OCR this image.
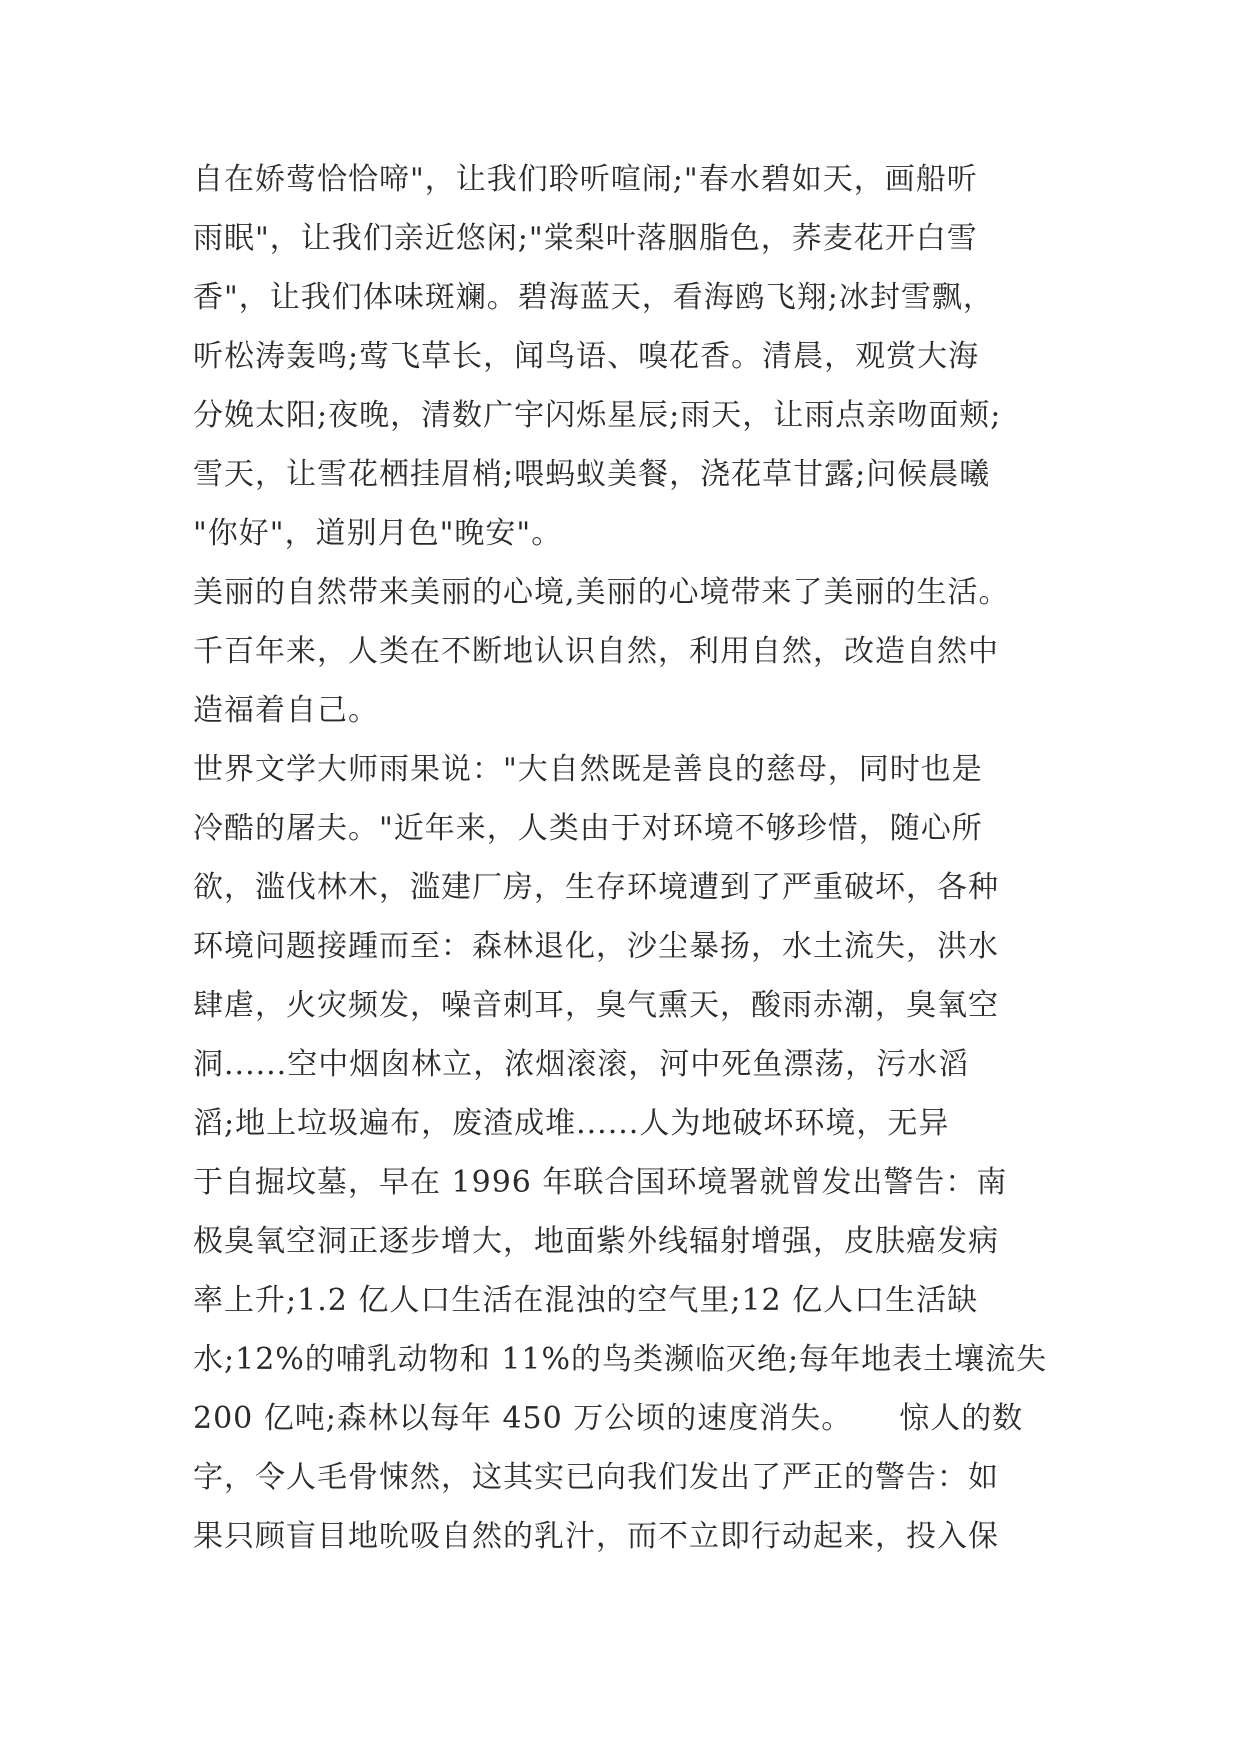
自在娇莺恰恰啼"，让我们聆听喧闹;"春水碧如天，画船听
雨眠"，让我们亲近悠闲;"棠梨叶落胭脂色，荞麦花开白雪
香"，让我们体味斑斓。碧海蓝天，看海鸥飞翔;冰封雪飘，
听松涛轰鸣;莺飞草长，闻鸟语、嗅花香。清晨，观赏大海
分娩太阳;夜晚，清数广宇闪烁星辰;雨天，让雨点亲吻面颊;
雪天，让雪花栖挂眉梢;喂蚂蚁美餐，浇花草甘露;问候晨曦
"你好"，道别月色"晚安"。
美丽的自然带来美丽的心境,美丽的心境带来了美丽的生活。
千百年来，人类在不断地认识自然，利用自然，改造自然中
造福着自己。
世界文学大师雨果说："大自然既是善良的慈母，同时也是
冷酷的屠夫。"近年来，人类由于对环境不够珍惜，随心所
欲，滥伐林木，滥建厂房，生存环境遭到了严重破坏，各种
环境问题接踵而至：森林退化，沙尘暴扬，水土流失，洪水
肆虐，火灾频发，噪音刺耳，臭气熏天，酸雨赤潮，臭氧空
洞......空中烟囱林立，浓烟滚滚，河中死鱼漂荡，污水滔
滔;地上垃圾遍布，废渣成堆......人为地破坏环境，无异
于自掘坟墓，早在 1996 年联合国环境署就曾发出警告：南
极臭氧空洞正逐步增大，地面紫外线辐射增强，皮肤癌发病
率上升;1.2 亿人口生活在混浊的空气里;12 亿人口生活缺
水;12%的哺乳动物和 11%的鸟类濒临灭绝;每年地表土壤流失
200 亿吨;森林以每年 450 万公顷的速度消失。　　惊人的数
字，令人毛骨悚然，这其实已向我们发出了严正的警告：如
果只顾盲目地吮吸自然的乳汁，而不立即行动起来，投入保
